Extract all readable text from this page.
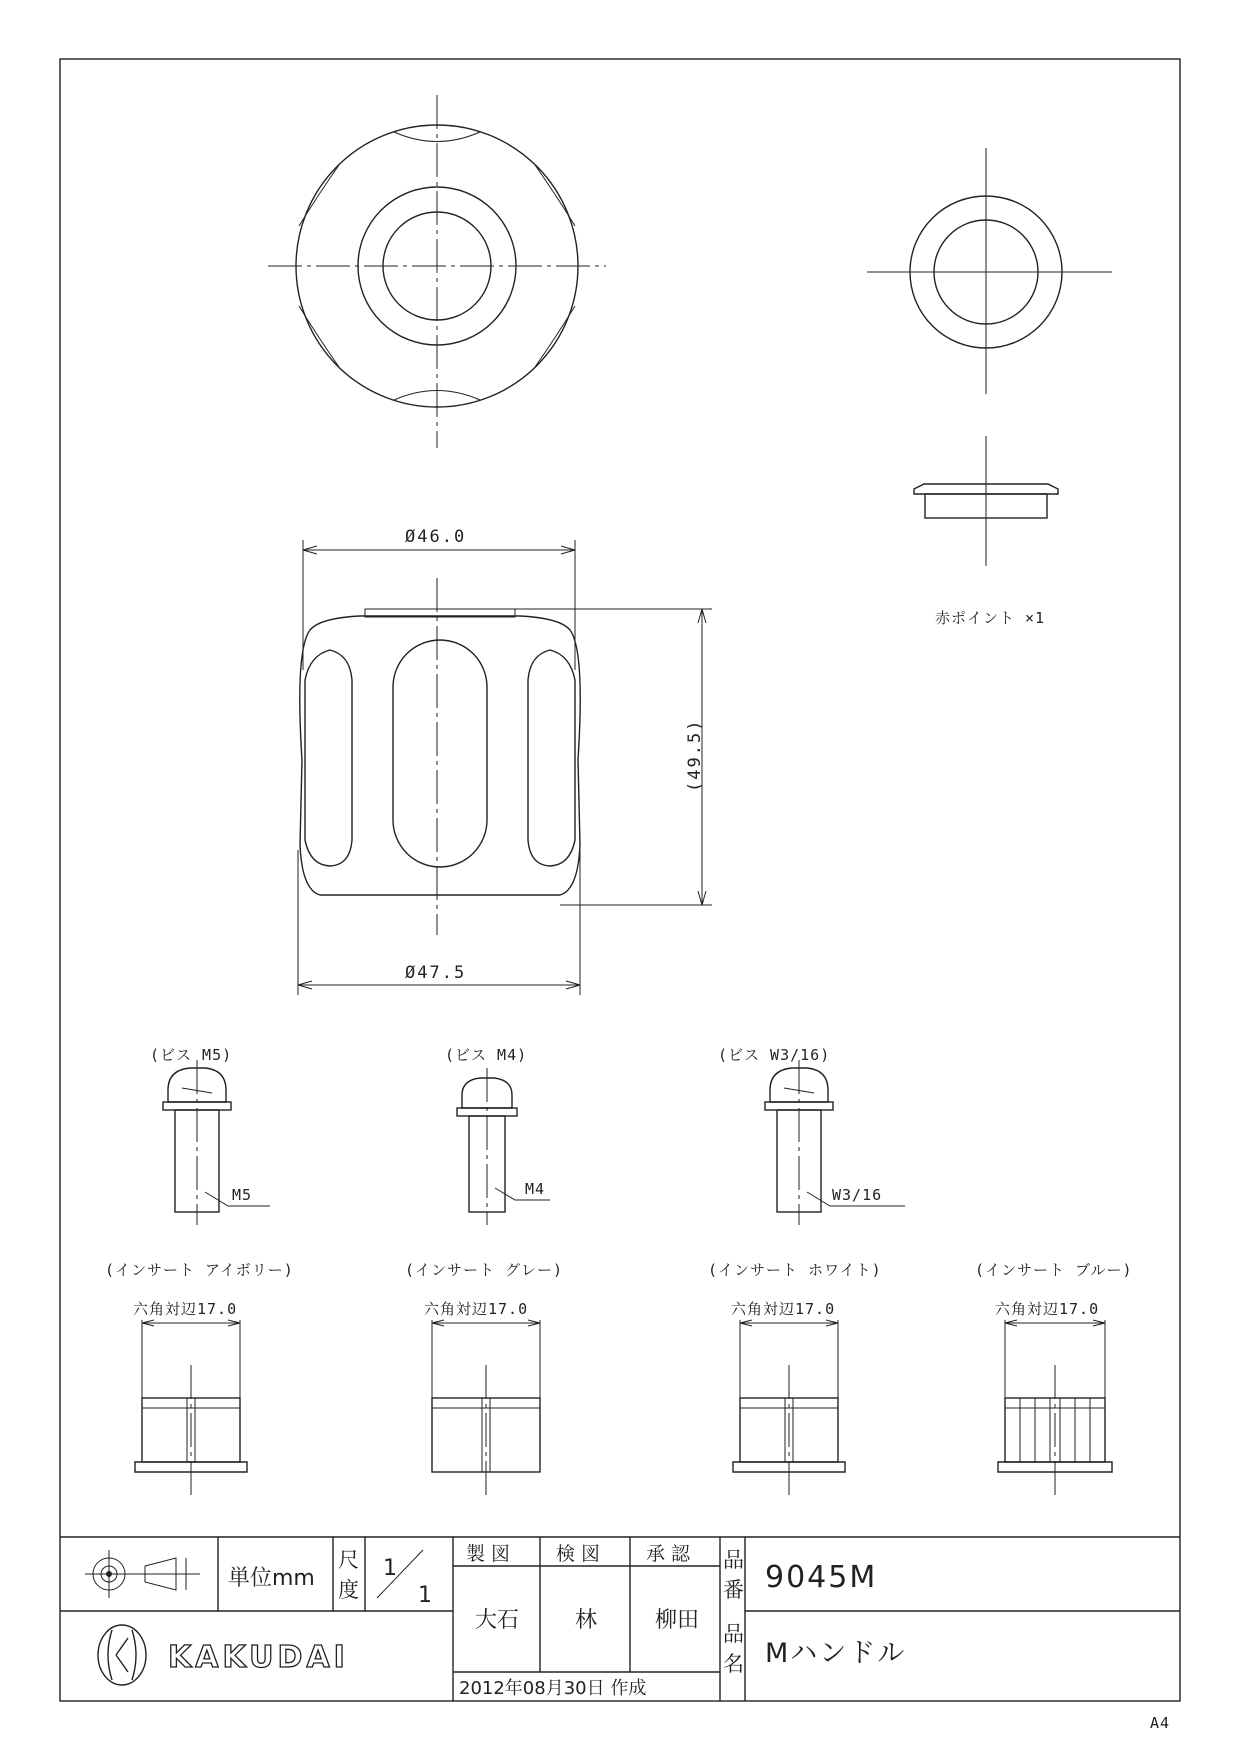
赤ポイント ×1
Ø46.0
Ø47.5
(49.5)
(ビス M5)
M5
(ビス M4)
M4
(ビス W3/16)
W3/16
(インサート アイボリー)
六角対辺17.0
(インサート グレー)
六角対辺17.0
(インサート ホワイト)
六角対辺17.0
(インサート ブルー)
六角対辺17.0
単位mm
尺
度
1
1
製 図 検 図 承 認
大石	林	柳田
2012年08月30日 作成
品
番
品
名
9045M
Mハンドル
KAKUDAI
A4
